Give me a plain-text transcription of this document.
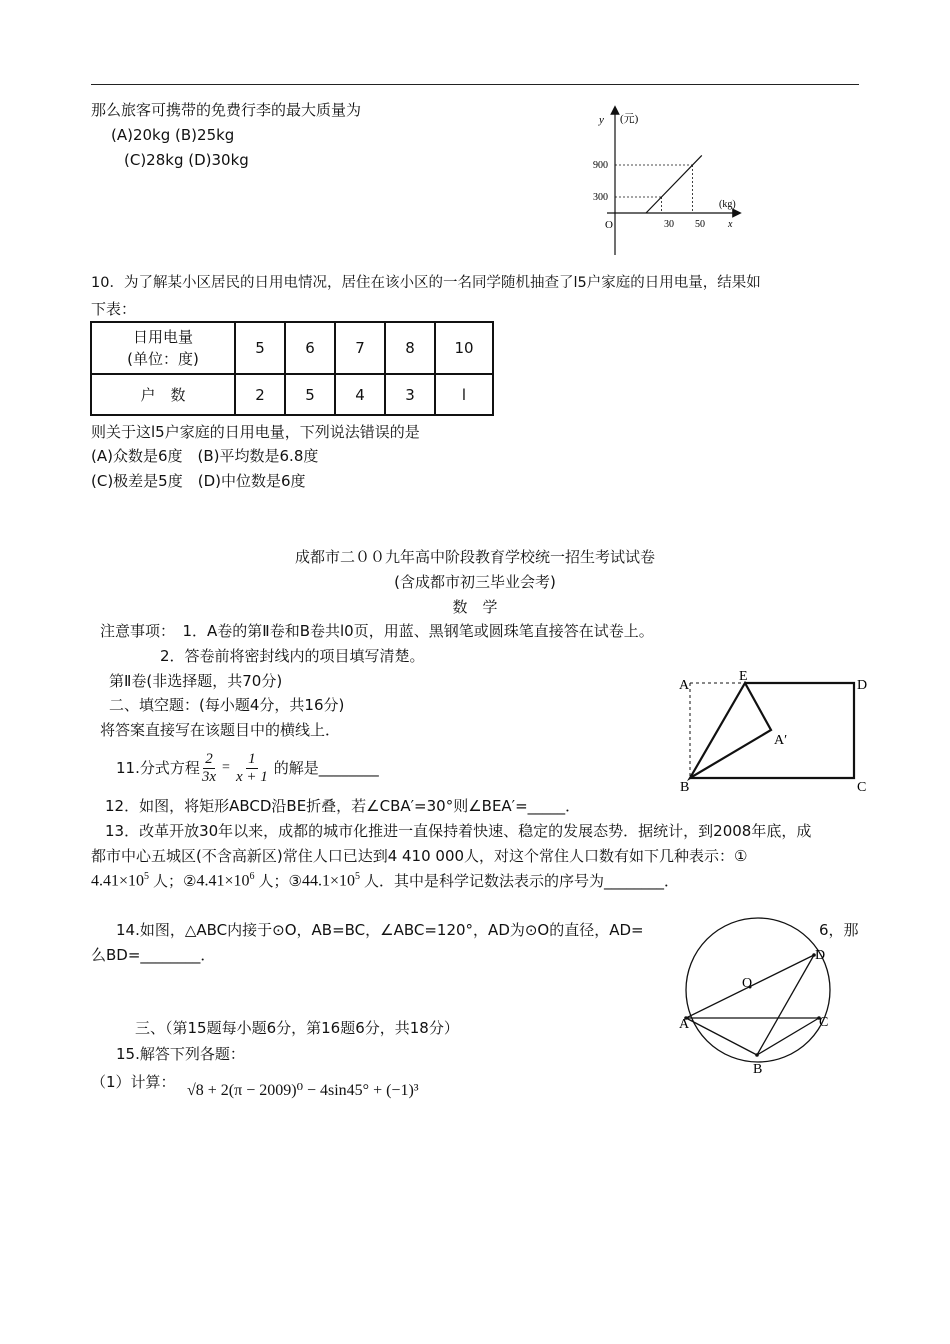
那么旅客可携带的免费行李的最大质量为
(A)20kg (B)25kg
(C)28kg (D)30kg
y (元)
900
300
(kg)
O	30 50 x
10．为了解某小区居民的日用电情况，居住在该小区的一名同学随机抽查了l5户家庭的日用电量，结果如
下表：
日用电量
(单位：度)	5	6	7	8	10
户　数	2	5	4	3	l
则关于这l5户家庭的日用电量，下列说法错误的是
(A)众数是6度　(B)平均数是6.8度
(C)极差是5度　(D)中位数是6度
成都市二００九年高中阶段教育学校统一招生考试试卷
(含成都市初三毕业会考)
数　学
注意事项：　1．A卷的第Ⅱ卷和B卷共l0页，用蓝、黑钢笔或圆珠笔直接答在试卷上。
2．答卷前将密封线内的项目填写清楚。
第Ⅱ卷(非选择题，共70分)
二、填空题：(每小题4分，共16分)
将答案直接写在该题目中的横线上．
A
E
D
A′
B	C
11.分式方程 $\frac{2}{3x} = \frac{1}{x + 1}$ 的解是________
12．如图，将矩形ABCD沿BE折叠，若∠CBA′=30°则∠BEA′=_____．
13．改革开放30年以来，成都的城市化推进一直保持着快速、稳定的发展态势．据统计，到2008年底，成
都市中心五城区(不含高新区)常住人口已达到4 410 000人，对这个常住人口数有如下几种表示：①
$4.41\times 10^5$ 人；② $4.41\times 10^6$ 人；③ $44.1\times 10^5$ 人．其中是科学记数法表示的序号为________．
14.如图，△ABC内接于⊙O，AB=BC，∠ABC=120°，AD为⊙O的直径，AD=	6，那
么BD=________．
O
D
A	C
B
三、（第15题每小题6分，第16题6分，共18分）
15.解答下列各题：
（1）计算： √8 + 2(π − 2009)⁰ − 4sin45° + (−1)³
